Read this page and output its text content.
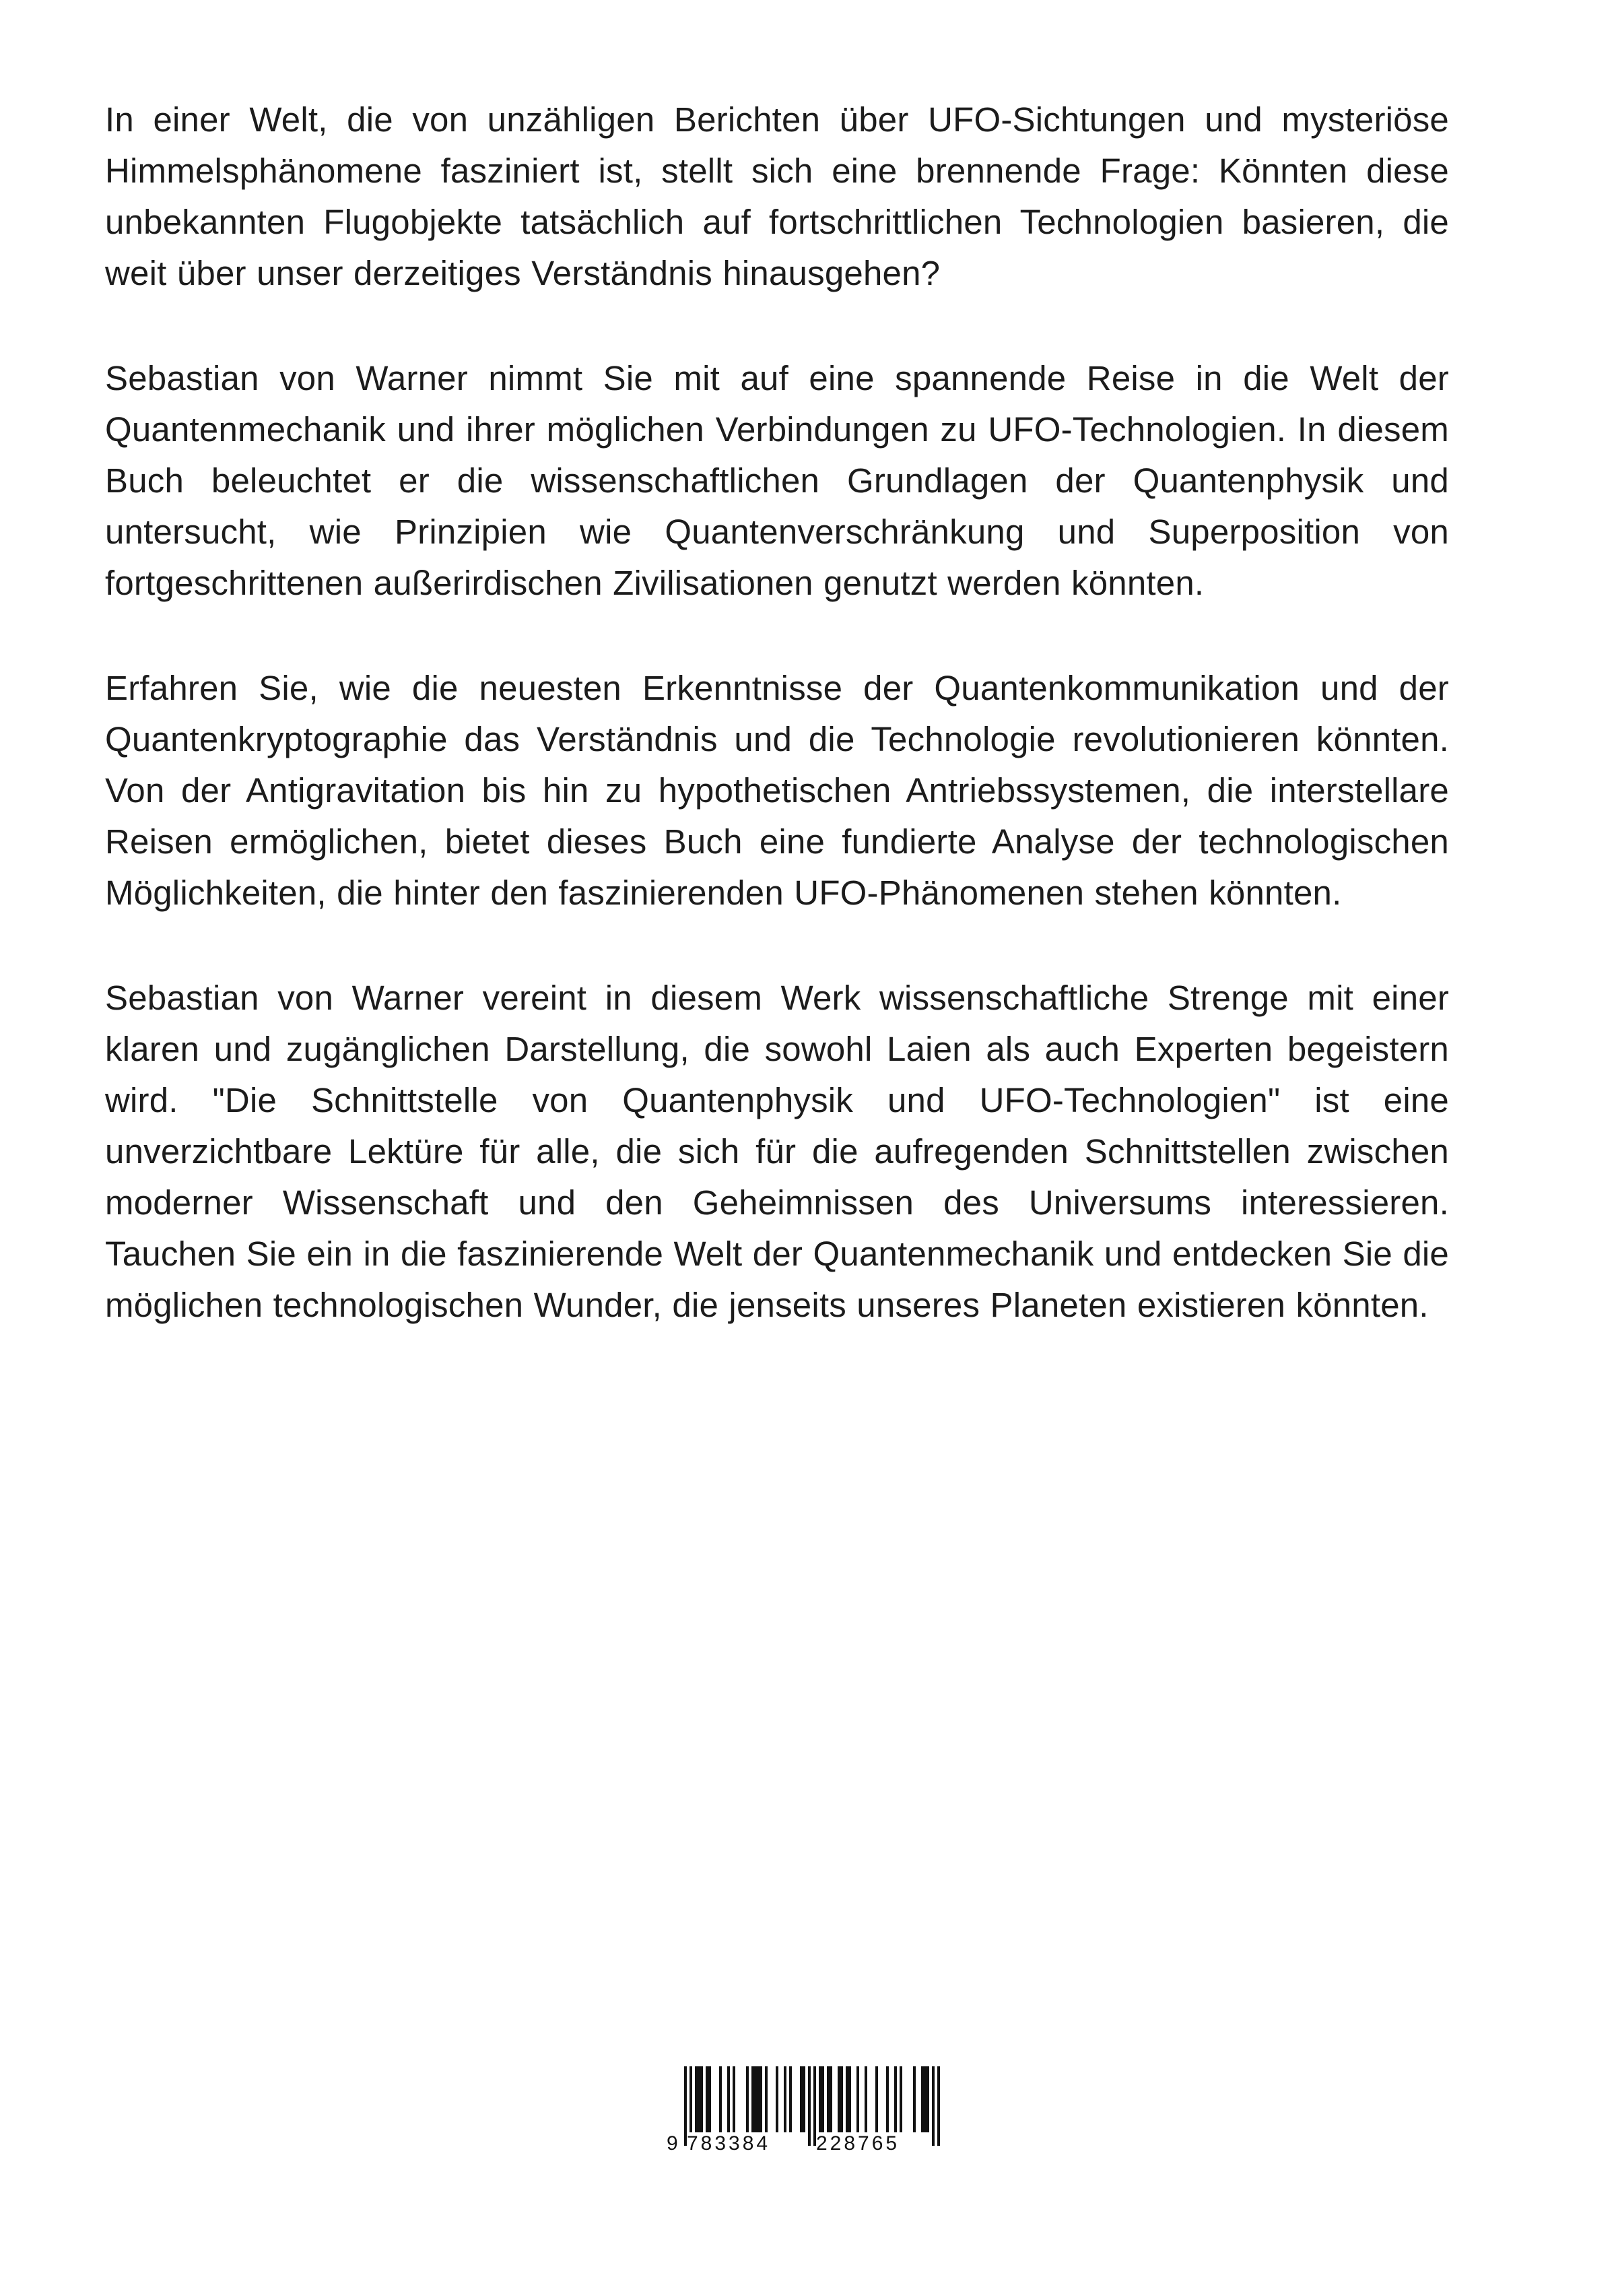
In einer Welt, die von unzähligen Berichten über UFO-Sichtungen und mysteriöse Himmelsphänomene fasziniert ist, stellt sich eine brennende Frage: Könnten diese unbekannten Flugobjekte tatsächlich auf fortschrittlichen Technologien basieren, die weit über unser derzeitiges Verständnis hinausgehen?

Sebastian von Warner nimmt Sie mit auf eine spannende Reise in die Welt der Quantenmechanik und ihrer möglichen Verbindungen zu UFO-Technologien. In diesem Buch beleuchtet er die wissenschaftlichen Grundlagen der Quantenphysik und untersucht, wie Prinzipien wie Quantenverschränkung und Superposition von fortgeschrittenen außerirdischen Zivilisationen genutzt werden könnten.

Erfahren Sie, wie die neuesten Erkenntnisse der Quantenkommunikation und der Quantenkryptographie das Verständnis und die Technologie revolutionieren könnten. Von der Antigravitation bis hin zu hypothetischen Antriebssystemen, die interstellare Reisen ermöglichen, bietet dieses Buch eine fundierte Analyse der technologischen Möglichkeiten, die hinter den faszinierenden UFO-Phänomenen stehen könnten.

Sebastian von Warner vereint in diesem Werk wissenschaftliche Strenge mit einer klaren und zugänglichen Darstellung, die sowohl Laien als auch Experten begeistern wird. "Die Schnittstelle von Quantenphysik und UFO-Technologien" ist eine unverzichtbare Lektüre für alle, die sich für die aufregenden Schnittstellen zwischen moderner Wissenschaft und den Geheimnissen des Universums interessieren. Tauchen Sie ein in die faszinierende Welt der Quantenmechanik und entdecken Sie die möglichen technologischen Wunder, die jenseits unseres Planeten existieren könnten.

9 783384 228765
